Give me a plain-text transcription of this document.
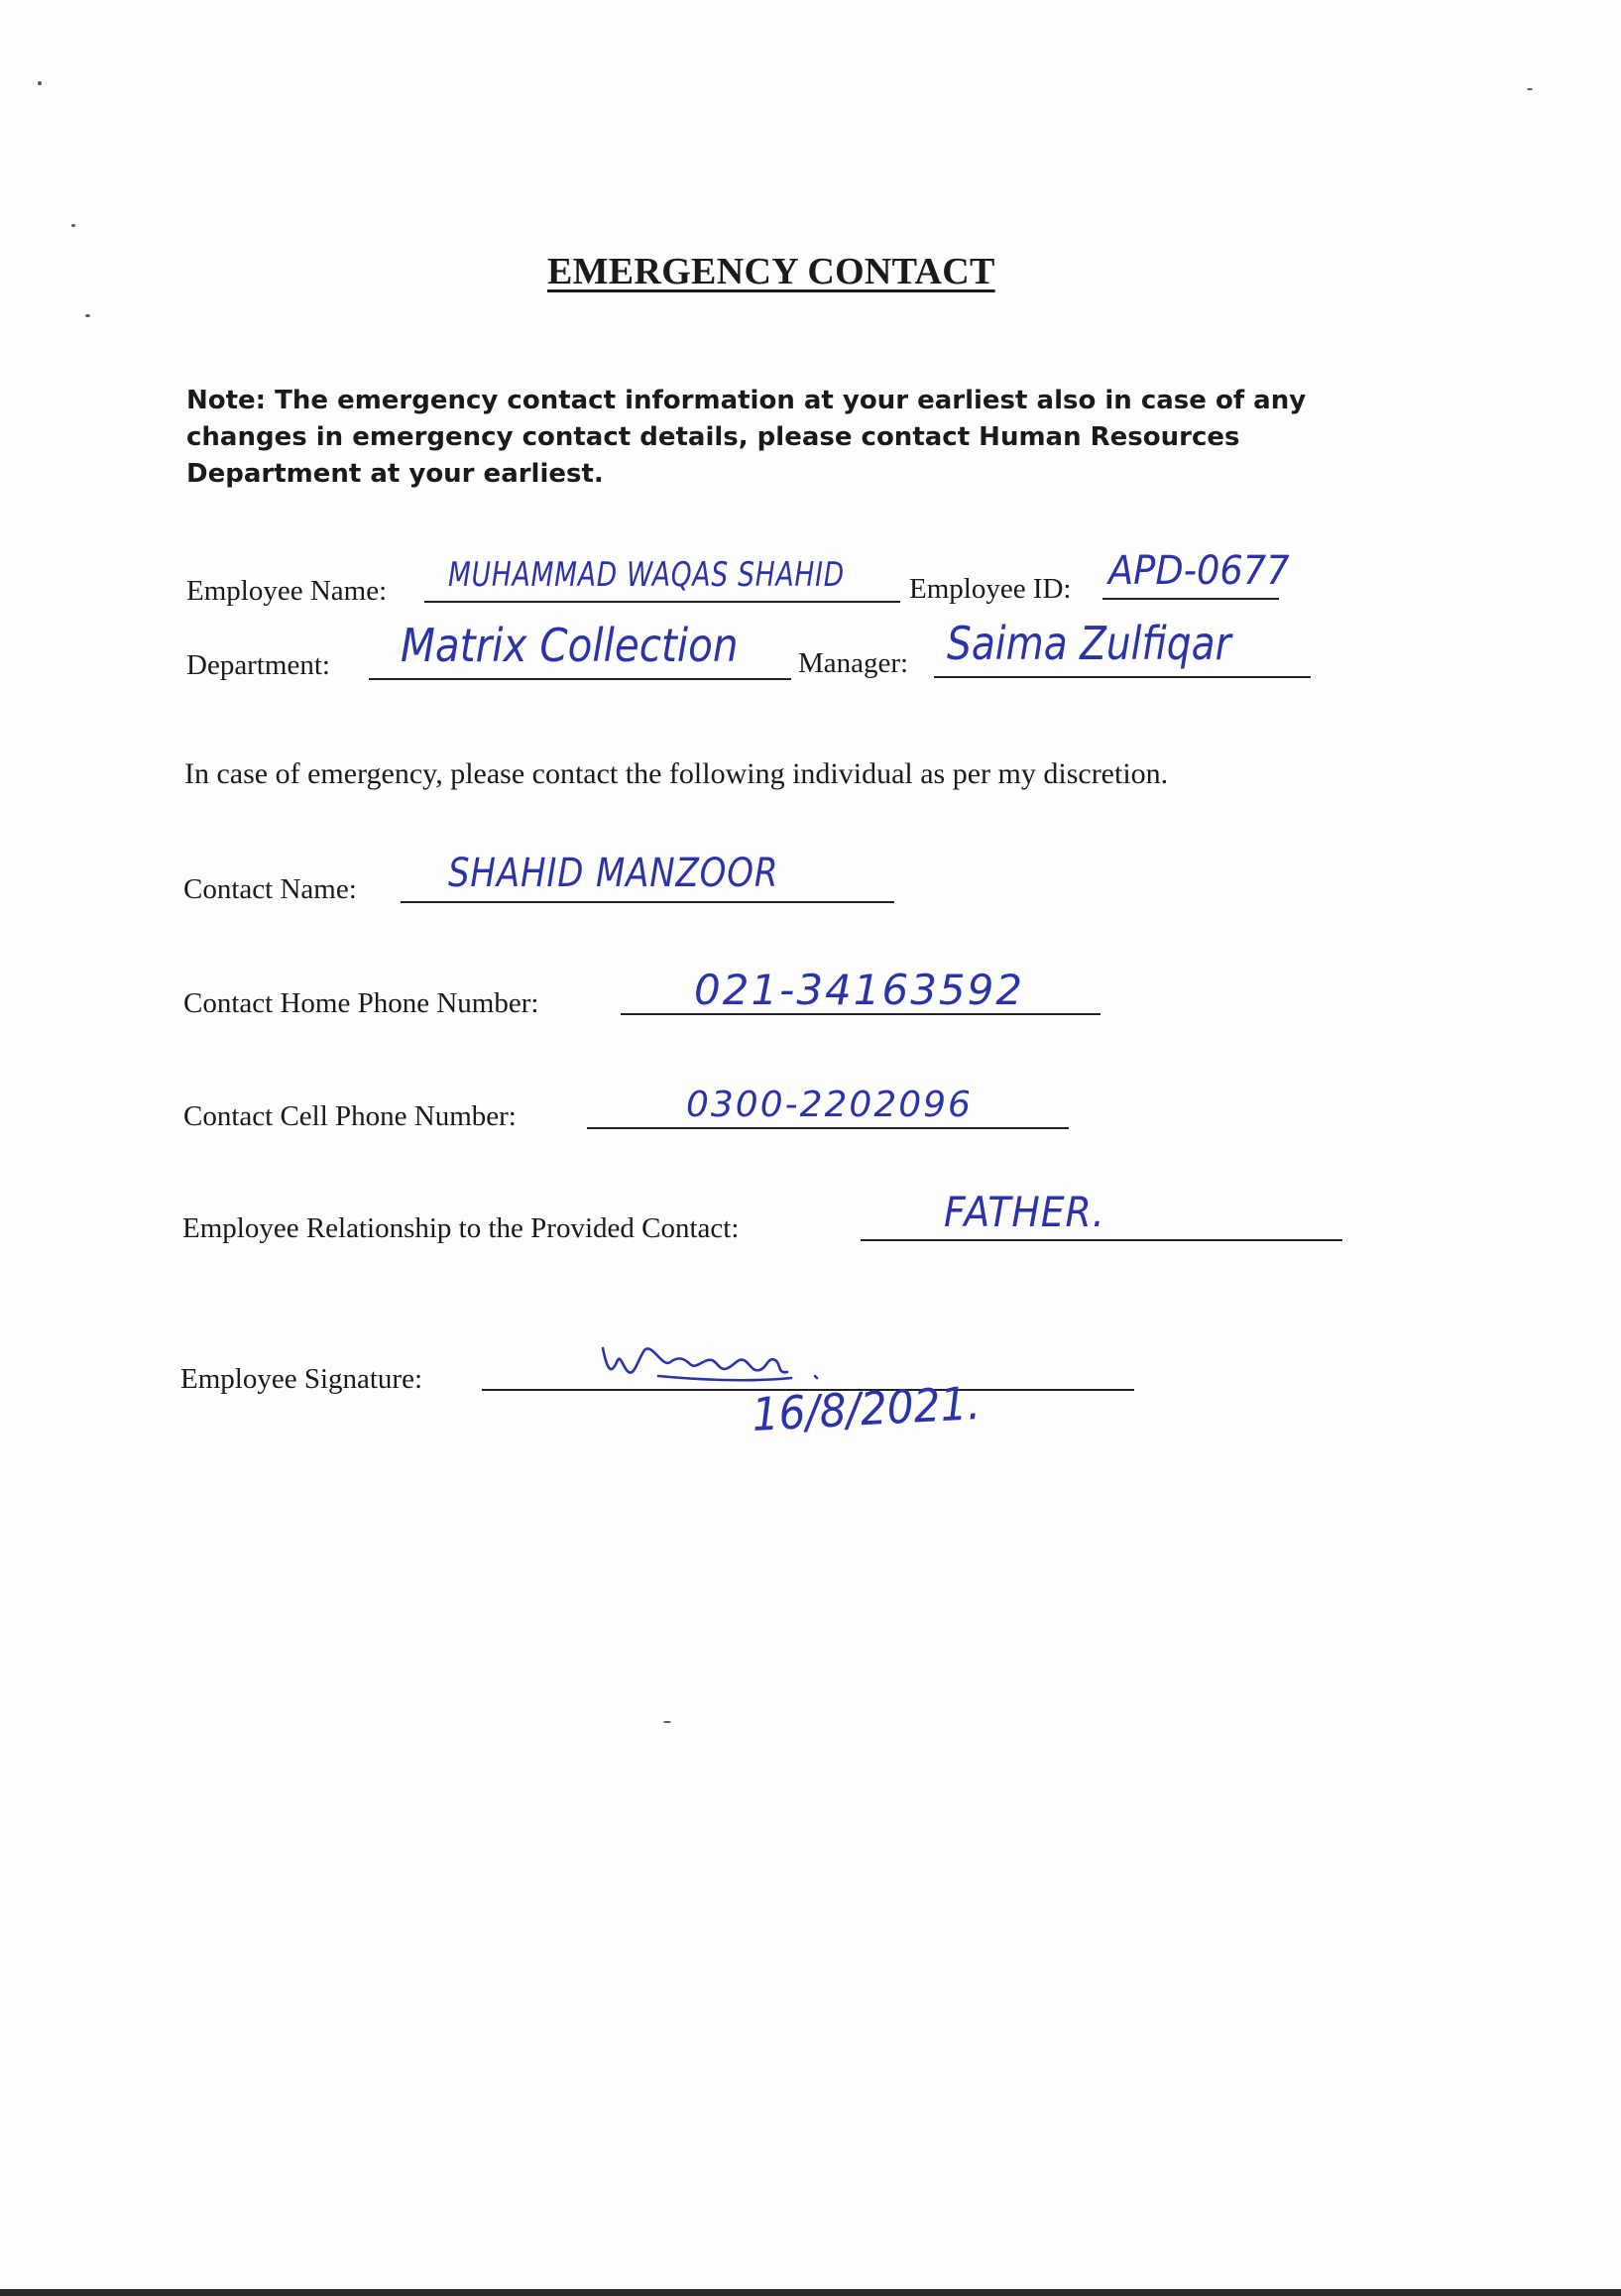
EMERGENCY CONTACT
Note: The emergency contact information at your earliest also in case of any changes in emergency contact details, please contact Human Resources Department at your earliest.
Employee Name: MUHAMMAD WAQAS SHAHID Employee ID: APD-0677
Department: Matrix Collection Manager: Saima Zulfiqar
In case of emergency, please contact the following individual as per my discretion.
Contact Name: SHAHID MANZOOR
Contact Home Phone Number:	021-34163592
Contact Cell Phone Number:	0300-2202096
Employee Relationship to the Provided Contact:	FATHER.
Employee Signature:	16/8/2021.
